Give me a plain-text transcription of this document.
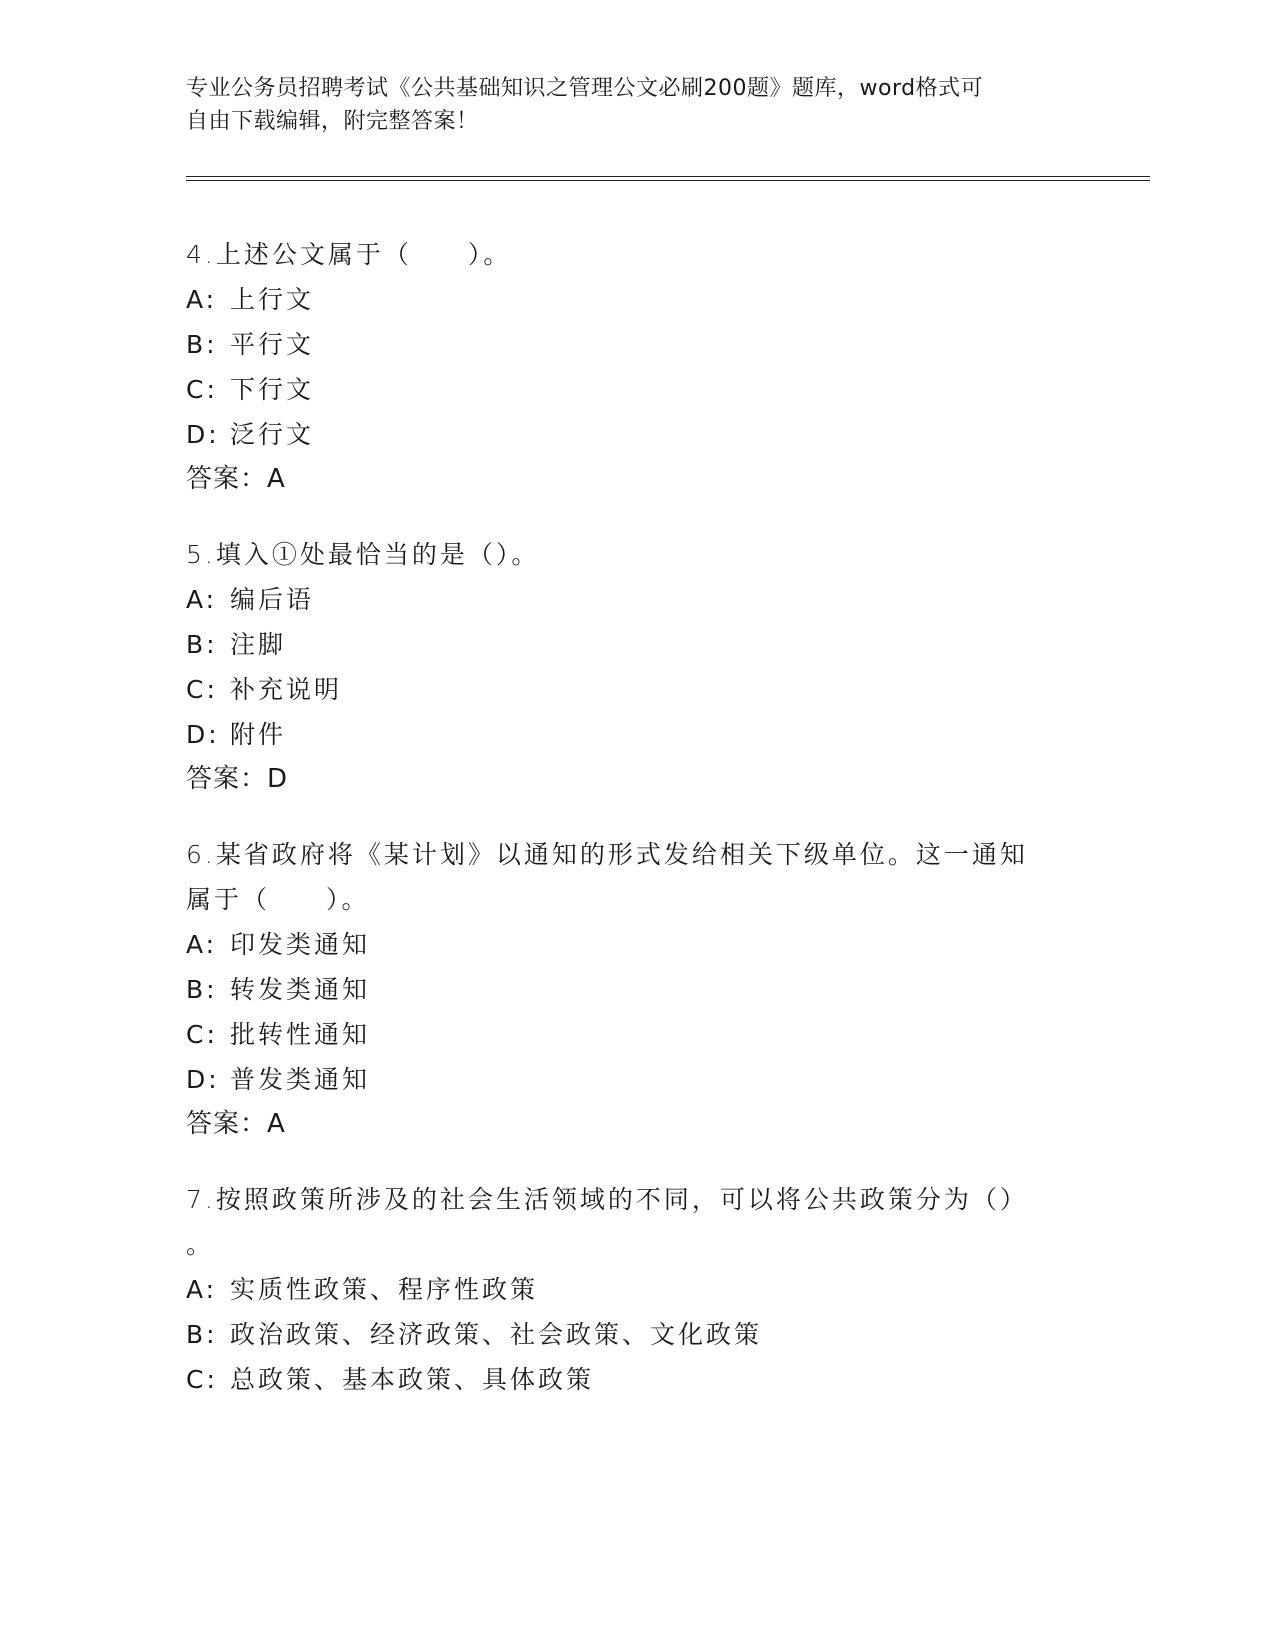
专业公务员招聘考试《公共基础知识之管理公文必刷200题》题库，word格式可
自由下载编辑，附完整答案！

4.上述公文属于（　　）。

A: 上行文

B: 平行文

C: 下行文

D: 泛行文

答案：A

5.填入①处最恰当的是（）。

A: 编后语

B: 注脚

C: 补充说明

D: 附件

答案：D

6.某省政府将《某计划》以通知的形式发给相关下级单位。这一通知

属于（　　）。

A: 印发类通知

B: 转发类通知

C: 批转性通知

D: 普发类通知

答案：A

7.按照政策所涉及的社会生活领域的不同，可以将公共政策分为（）

。

A: 实质性政策、程序性政策

B: 政治政策、经济政策、社会政策、文化政策

C: 总政策、基本政策、具体政策
